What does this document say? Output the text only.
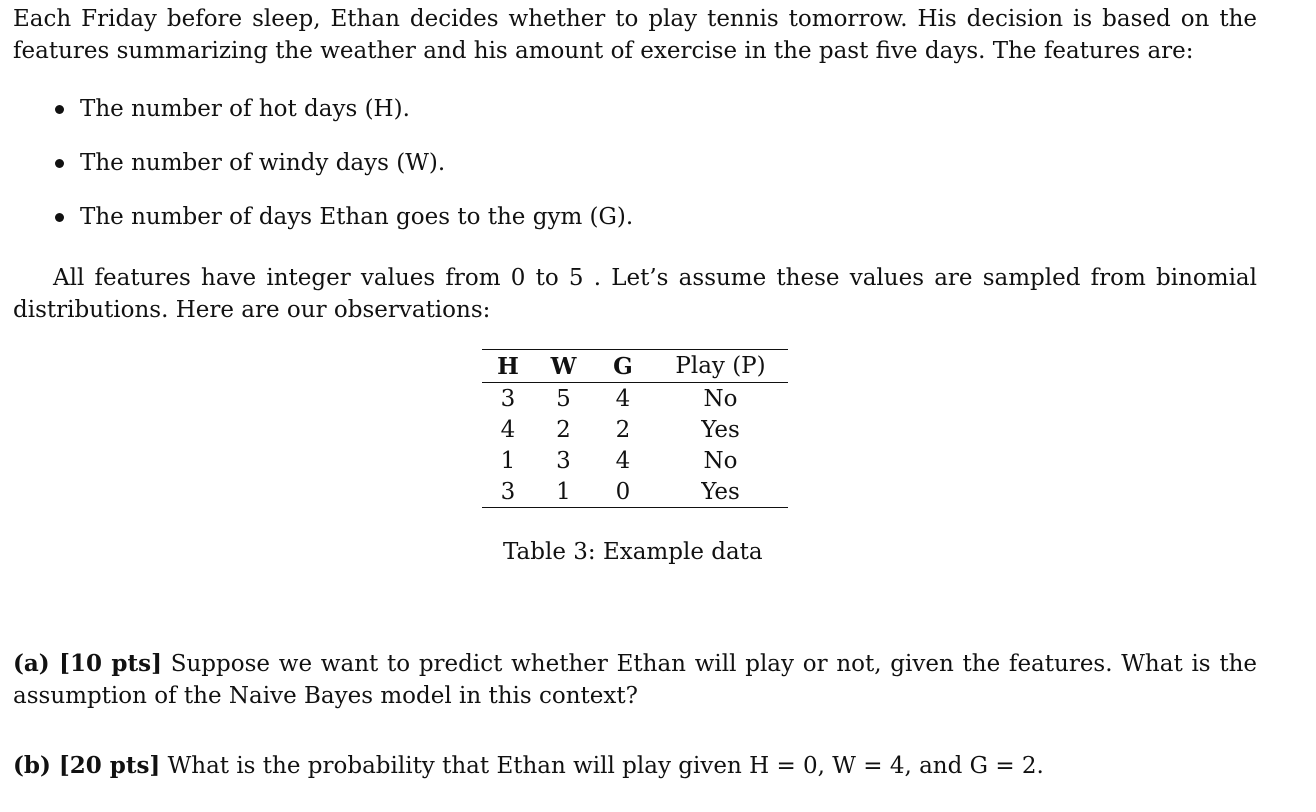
Each Friday before sleep, Ethan decides whether to play tennis tomorrow. His decision is based on the features summarizing the weather and his amount of exercise in the past five days. The features are:

The number of hot days (H).
The number of windy days (W).
The number of days Ethan goes to the gym (G).

All features have integer values from 0 to 5 . Let’s assume these values are sampled from binomial distributions. Here are our observations:

H	W	G	Play (P)
3	5	4	No
4	2	2	Yes
1	3	4	No
3	1	0	Yes
Table 3: Example data

(a) [10 pts] Suppose we want to predict whether Ethan will play or not, given the features. What is the assumption of the Naive Bayes model in this context?

(b) [20 pts] What is the probability that Ethan will play given H = 0, W = 4, and G = 2.
